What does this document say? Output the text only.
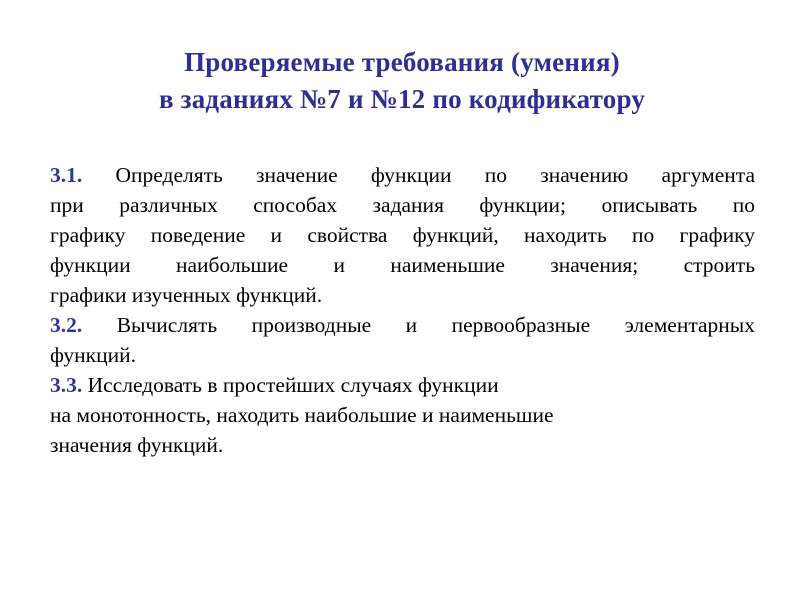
Проверяемые требования (умения)
в заданиях №7 и №12 по кодификатору
3.1. Определять значение функции по значению аргумента
при различных способах задания функции; описывать по
графику поведение и свойства функций, находить по графику
функции наибольшие и наименьшие значения; строить
графики изученных функций.
3.2. Вычислять производные и первообразные элементарных
функций.
3.3. Исследовать в простейших случаях функции
на монотонность, находить наибольшие и наименьшие
значения функций.
